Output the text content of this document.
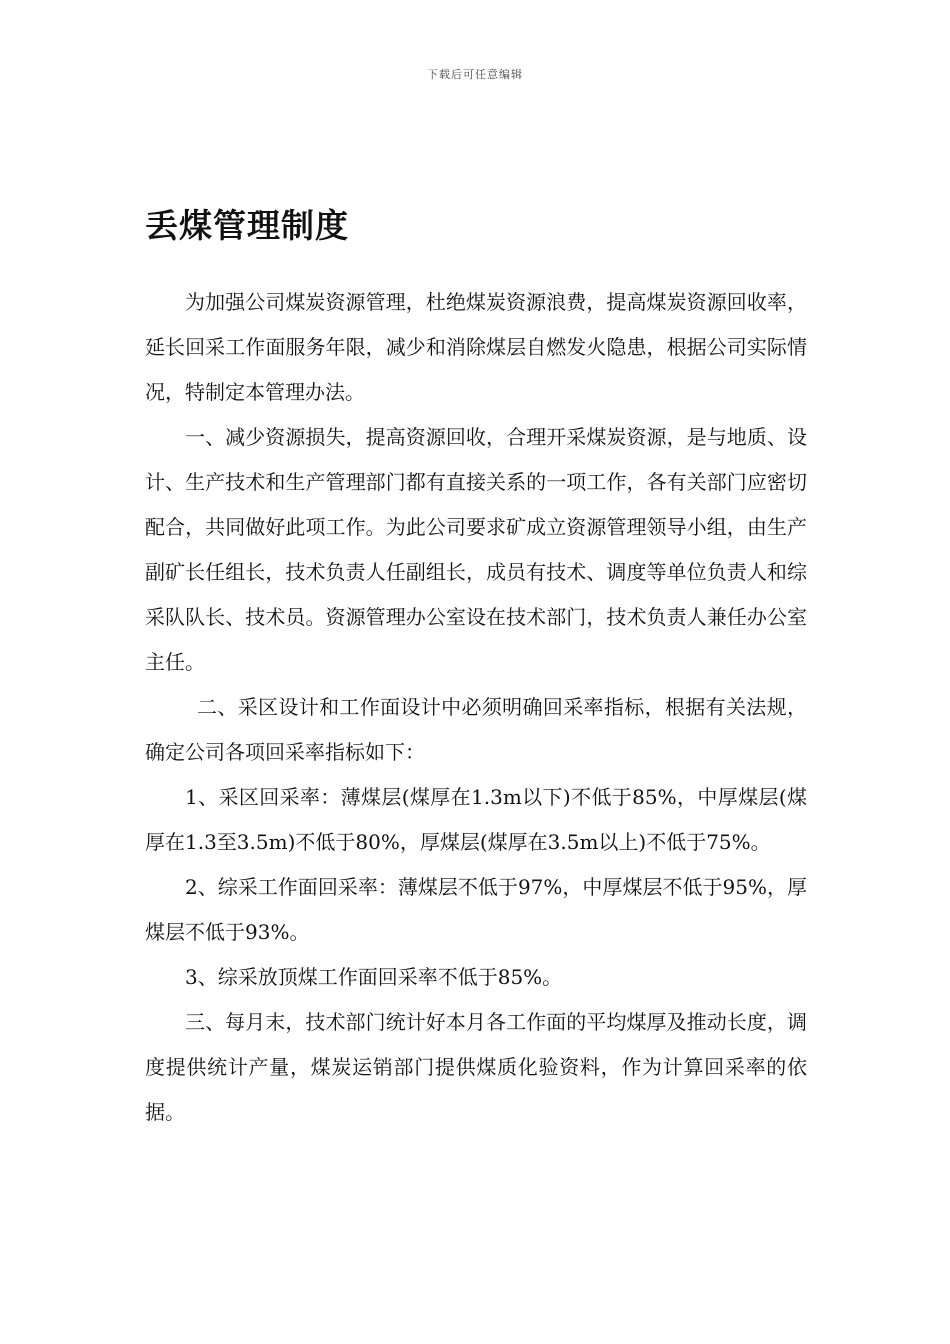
下载后可任意编辑
丢煤管理制度

为加强公司煤炭资源管理，杜绝煤炭资源浪费，提高煤炭资源回收率，延长回采工作面服务年限，减少和消除煤层自燃发火隐患，根据公司实际情况，特制定本管理办法。

一、减少资源损失，提高资源回收，合理开采煤炭资源，是与地质、设计、生产技术和生产管理部门都有直接关系的一项工作，各有关部门应密切配合，共同做好此项工作。为此公司要求矿成立资源管理领导小组，由生产副矿长任组长，技术负责人任副组长，成员有技术、调度等单位负责人和综采队队长、技术员。资源管理办公室设在技术部门，技术负责人兼任办公室主任。

二、采区设计和工作面设计中必须明确回采率指标，根据有关法规，确定公司各项回采率指标如下：

1、采区回采率：薄煤层(煤厚在1.3m以下)不低于85%，中厚煤层(煤厚在1.3至3.5m)不低于80%，厚煤层(煤厚在3.5m以上)不低于75%。

2、综采工作面回采率：薄煤层不低于97%，中厚煤层不低于95%，厚煤层不低于93%。

3、综采放顶煤工作面回采率不低于85%。

三、每月末，技术部门统计好本月各工作面的平均煤厚及推动长度，调度提供统计产量，煤炭运销部门提供煤质化验资料，作为计算回采率的依据。
